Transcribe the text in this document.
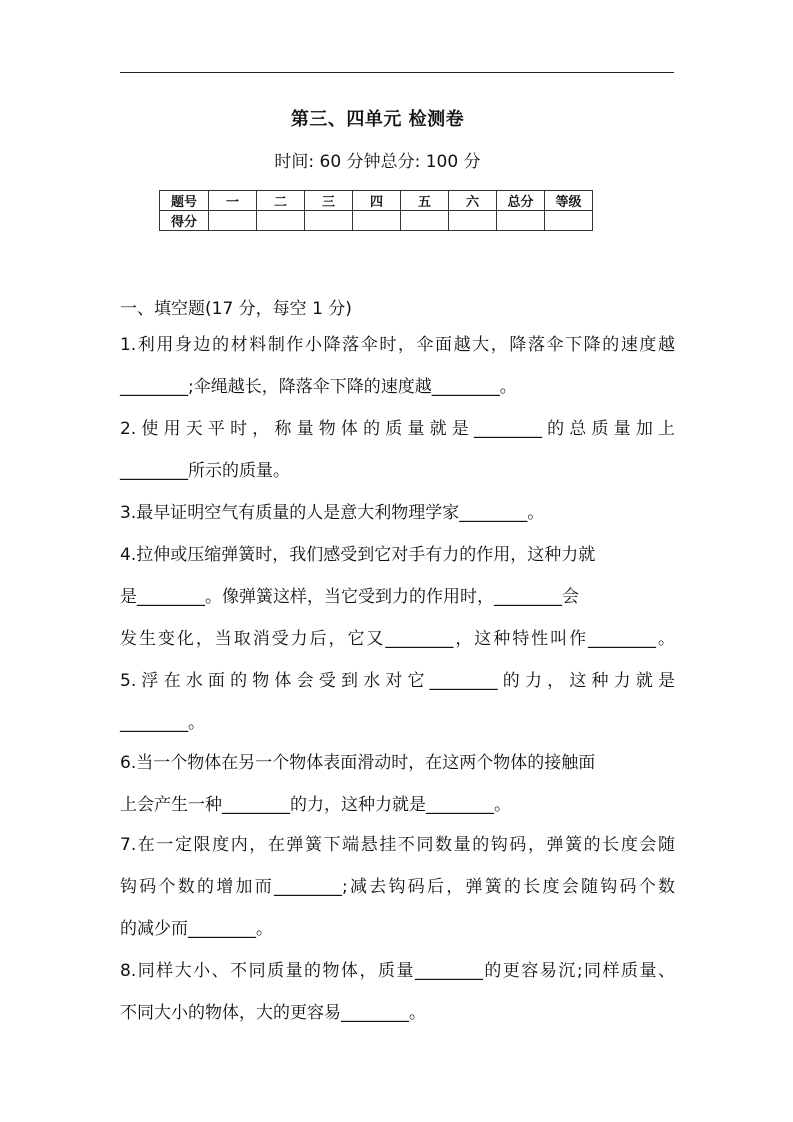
第三、四单元 检测卷
时间: 60 分钟总分: 100 分
题号	一	二	三	四	五	六	总分	等级
得分								
一、填空题(17 分，每空 1 分)
1.利用身边的材料制作小降落伞时，伞面越大，降落伞下降的速度越
________;伞绳越长，降落伞下降的速度越________。
2.使用天平时，称量物体的质量就是________的总质量加上
________所示的质量。
3.最早证明空气有质量的人是意大利物理学家________。
4.拉伸或压缩弹簧时，我们感受到它对手有力的作用，这种力就
是________。像弹簧这样，当它受到力的作用时，________会
发生变化，当取消受力后，它又________，这种特性叫作________。
5.浮在水面的物体会受到水对它________的力，这种力就是
________。
6.当一个物体在另一个物体表面滑动时，在这两个物体的接触面
上会产生一种________的力，这种力就是________。
7.在一定限度内，在弹簧下端悬挂不同数量的钩码，弹簧的长度会随
钩码个数的增加而________;减去钩码后，弹簧的长度会随钩码个数
的减少而________。
8.同样大小、不同质量的物体，质量________的更容易沉;同样质量、
不同大小的物体，大的更容易________。
